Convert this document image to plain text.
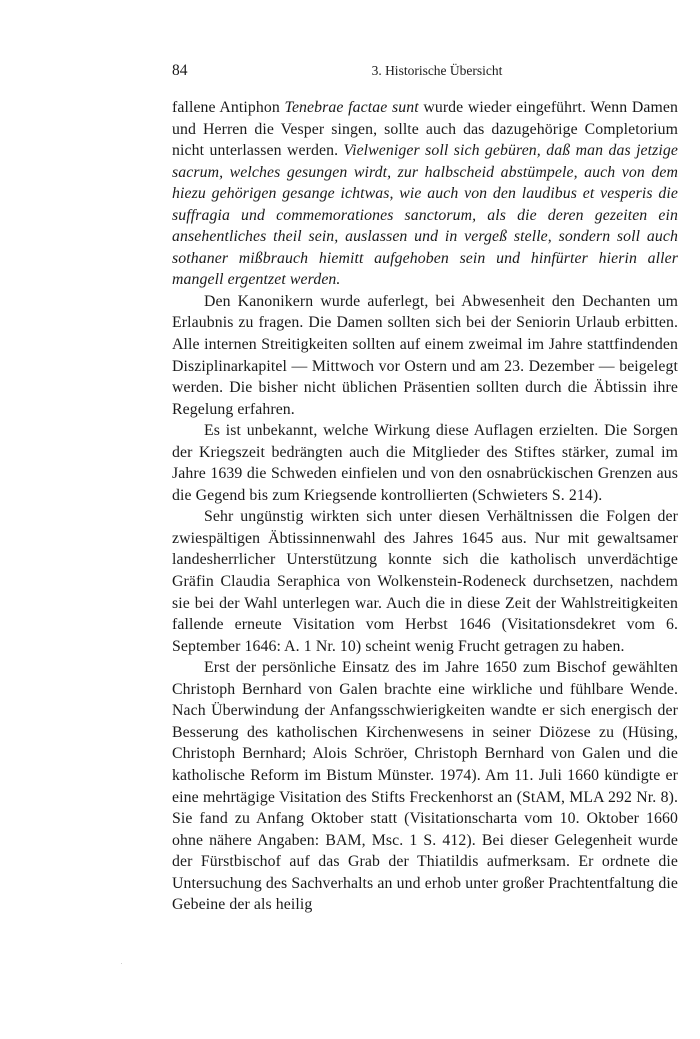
84	3. Historische Übersicht

fallene Antiphon Tenebrae factae sunt wurde wieder eingeführt. Wenn Damen und Herren die Vesper singen, sollte auch das dazugehörige Completorium nicht unterlassen werden. Vielweniger soll sich gebüren, daß man das jetzige sacrum, welches gesungen wirdt, zur halbscheid abstümpele, auch von dem hiezu gehörigen gesange ichtwas, wie auch von den laudibus et vesperis die suffragia und commemorationes sanctorum, als die deren gezeiten ein ansehentliches theil sein, auslassen und in vergeß stelle, sondern soll auch sothaner mißbrauch hiemitt aufgehoben sein und hinfürter hierin aller mangell ergentzet werden.

Den Kanonikern wurde auferlegt, bei Abwesenheit den Dechanten um Erlaubnis zu fragen. Die Damen sollten sich bei der Seniorin Urlaub erbitten. Alle internen Streitigkeiten sollten auf einem zweimal im Jahre stattfindenden Disziplinarkapitel — Mittwoch vor Ostern und am 23. Dezember — beigelegt werden. Die bisher nicht üblichen Präsentien sollten durch die Äbtissin ihre Regelung erfahren.

Es ist unbekannt, welche Wirkung diese Auflagen erzielten. Die Sorgen der Kriegszeit bedrängten auch die Mitglieder des Stiftes stärker, zumal im Jahre 1639 die Schweden einfielen und von den osnabrückischen Grenzen aus die Gegend bis zum Kriegsende kontrollierten (Schwieters S. 214).

Sehr ungünstig wirkten sich unter diesen Verhältnissen die Folgen der zwiespältigen Äbtissinnenwahl des Jahres 1645 aus. Nur mit gewaltsamer landesherrlicher Unterstützung konnte sich die katholisch unverdächtige Gräfin Claudia Seraphica von Wolkenstein-Rodeneck durchsetzen, nachdem sie bei der Wahl unterlegen war. Auch die in diese Zeit der Wahlstreitigkeiten fallende erneute Visitation vom Herbst 1646 (Visitationsdekret vom 6. September 1646: A. 1 Nr. 10) scheint wenig Frucht getragen zu haben.

Erst der persönliche Einsatz des im Jahre 1650 zum Bischof gewählten Christoph Bernhard von Galen brachte eine wirkliche und fühlbare Wende. Nach Überwindung der Anfangsschwierigkeiten wandte er sich energisch der Besserung des katholischen Kirchenwesens in seiner Diözese zu (Hüsing, Christoph Bernhard; Alois Schröer, Christoph Bernhard von Galen und die katholische Reform im Bistum Münster. 1974). Am 11. Juli 1660 kündigte er eine mehrtägige Visitation des Stifts Freckenhorst an (StAM, MLA 292 Nr. 8). Sie fand zu Anfang Oktober statt (Visitationscharta vom 10. Oktober 1660 ohne nähere Angaben: BAM, Msc. 1 S. 412). Bei dieser Gelegenheit wurde der Fürstbischof auf das Grab der Thiatildis aufmerksam. Er ordnete die Untersuchung des Sachverhalts an und erhob unter großer Prachtentfaltung die Gebeine der als heilig
